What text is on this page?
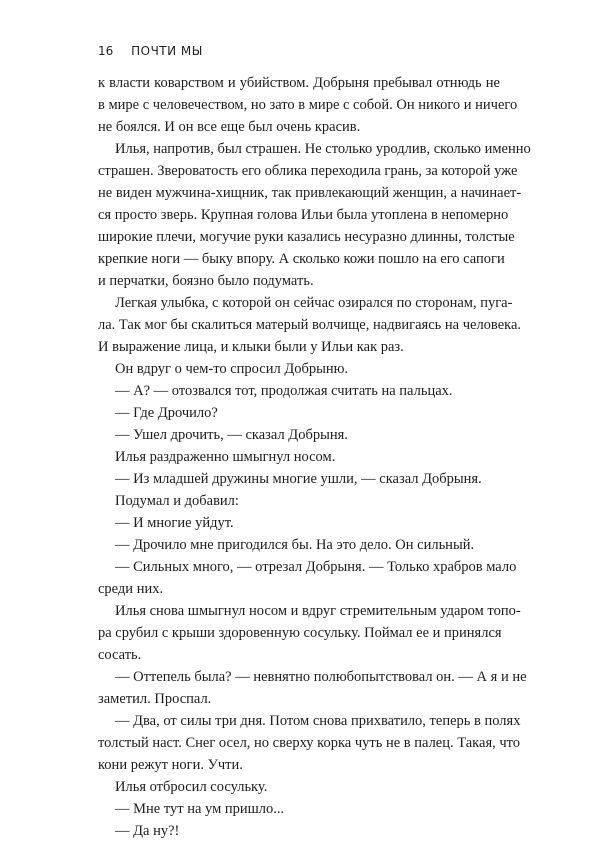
16 ПОЧТИ МЫ
к власти коварством и убийством. Добрыня пребывал отнюдь не
в мире с человечеством, но зато в мире с собой. Он никого и ничего
не боялся. И он все еще был очень красив.
Илья, напротив, был страшен. Не столько уродлив, сколько именно
страшен. Звероватость его облика переходила грань, за которой уже
не виден мужчина-хищник, так привлекающий женщин, а начинает-
ся просто зверь. Крупная голова Ильи была утоплена в непомерно
широкие плечи, могучие руки казались несуразно длинны, толстые
крепкие ноги — быку впору. А сколько кожи пошло на его сапоги
и перчатки, боязно было подумать.
Легкая улыбка, с которой он сейчас озирался по сторонам, пуга-
ла. Так мог бы скалиться матерый волчище, надвигаясь на человека.
И выражение лица, и клыки были у Ильи как раз.
Он вдруг о чем-то спросил Добрыню.
— А? — отозвался тот, продолжая считать на пальцах.
— Где Дрочило?
— Ушел дрочить, — сказал Добрыня.
Илья раздраженно шмыгнул носом.
— Из младшей дружины многие ушли, — сказал Добрыня.
Подумал и добавил:
— И многие уйдут.
— Дрочило мне пригодился бы. На это дело. Он сильный.
— Сильных много, — отрезал Добрыня. — Только храбров мало
среди них.
Илья снова шмыгнул носом и вдруг стремительным ударом топо-
ра срубил с крыши здоровенную сосульку. Поймал ее и принялся
сосать.
— Оттепель была? — невнятно полюбопытствовал он. — А я и не
заметил. Проспал.
— Два, от силы три дня. Потом снова прихватило, теперь в полях
толстый наст. Снег осел, но сверху корка чуть не в палец. Такая, что
кони режут ноги. Учти.
Илья отбросил сосульку.
— Мне тут на ум пришло...
— Да ну?!
